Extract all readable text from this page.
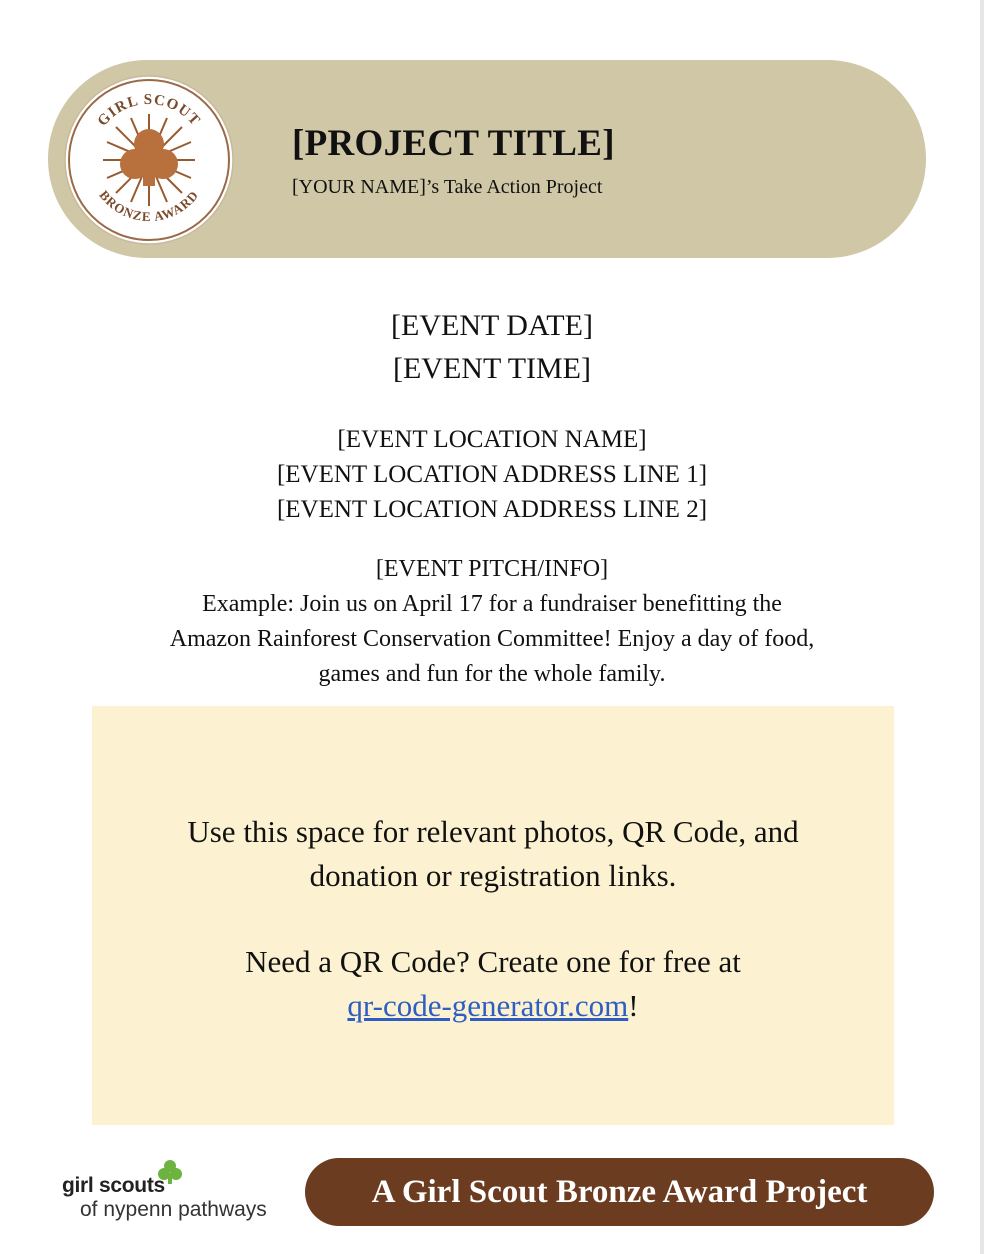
GIRL SCOUT
BRONZE AWARD
[PROJECT TITLE]
[YOUR NAME]’s Take Action Project
[EVENT DATE]
[EVENT TIME]
[EVENT LOCATION NAME]
[EVENT LOCATION ADDRESS LINE 1]
[EVENT LOCATION ADDRESS LINE 2]
[EVENT PITCH/INFO]
Example: Join us on April 17 for a fundraiser benefitting the
Amazon Rainforest Conservation Committee! Enjoy a day of food,
games and fun for the whole family.
Use this space for relevant photos, QR Code, and
donation or registration links.
Need a QR Code? Create one for free at
qr-code-generator.com!
girl scouts
of nypenn pathways	A Girl Scout Bronze Award Project
